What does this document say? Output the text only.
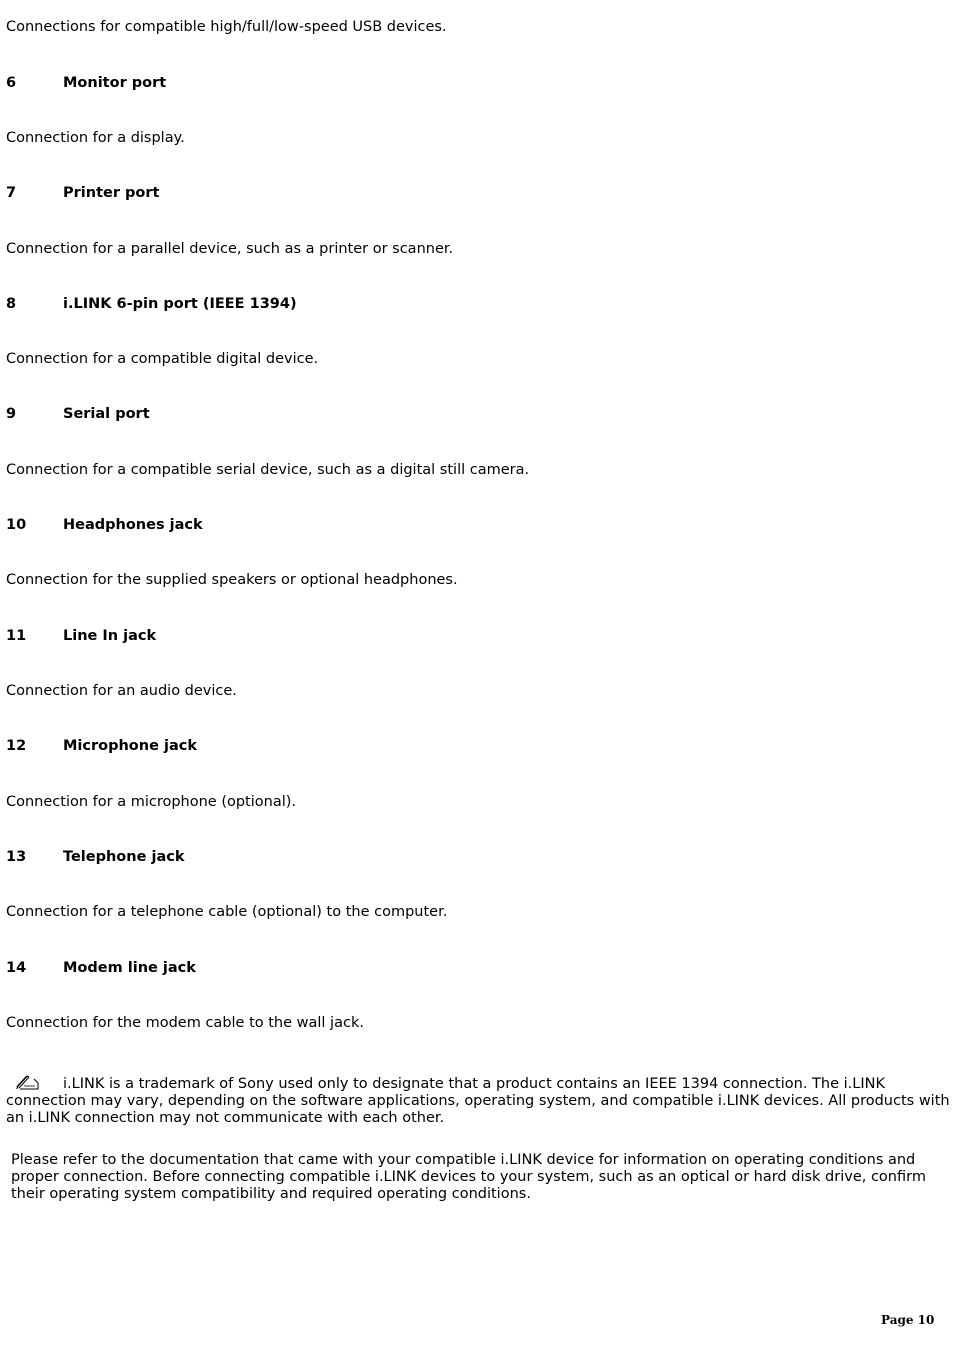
Connections for compatible high/full/low-speed USB devices.
6	Monitor port
Connection for a display.
7	Printer port
Connection for a parallel device, such as a printer or scanner.
8	i.LINK 6-pin port (IEEE 1394)
Connection for a compatible digital device.
9	Serial port
Connection for a compatible serial device, such as a digital still camera.
10	Headphones jack
Connection for the supplied speakers or optional headphones.
11	Line In jack
Connection for an audio device.
12	Microphone jack
Connection for a microphone (optional).
13	Telephone jack
Connection for a telephone cable (optional) to the computer.
14	Modem line jack
Connection for the modem cable to the wall jack.
i.LINK is a trademark of Sony used only to designate that a product contains an IEEE 1394 connection. The i.LINK connection may vary, depending on the software applications, operating system, and compatible i.LINK devices. All products with an i.LINK connection may not communicate with each other.
Please refer to the documentation that came with your compatible i.LINK device for information on operating conditions and proper connection. Before connecting compatible i.LINK devices to your system, such as an optical or hard disk drive, confirm their operating system compatibility and required operating conditions.
Page 10
